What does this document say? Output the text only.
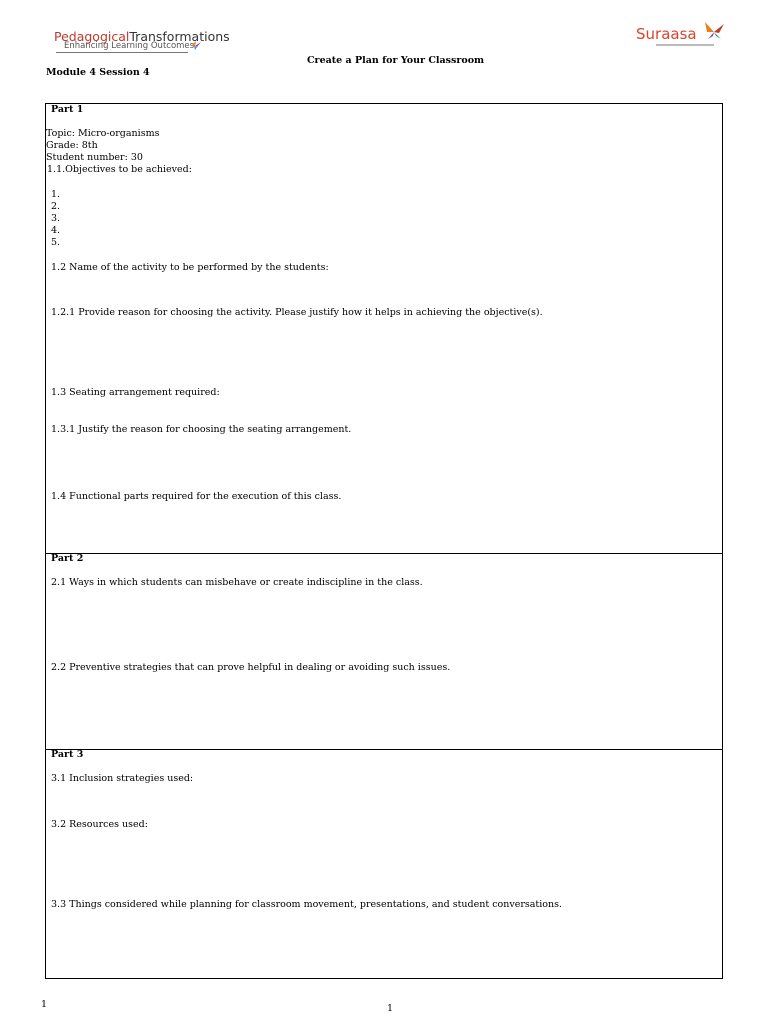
PedagogicalTransformations
Enhancing Learning Outcomes
Suraasa
Create a Plan for Your Classroom
Module 4 Session 4
Part 1
Topic: Micro-organisms
Grade: 8th
Student number: 30
1.1.Objectives to be achieved:
1.
2.
3.
4.
5.
1.2 Name of the activity to be performed by the students:
1.2.1 Provide reason for choosing the activity. Please justify how it helps in achieving the objective(s).
1.3 Seating arrangement required:
1.3.1 Justify the reason for choosing the seating arrangement.
1.4 Functional parts required for the execution of this class.
Part 2
2.1 Ways in which students can misbehave or create indiscipline in the class.
2.2 Preventive strategies that can prove helpful in dealing or avoiding such issues.
Part 3
3.1 Inclusion strategies used:
3.2 Resources used:
3.3 Things considered while planning for classroom movement, presentations, and student conversations.
1	1
